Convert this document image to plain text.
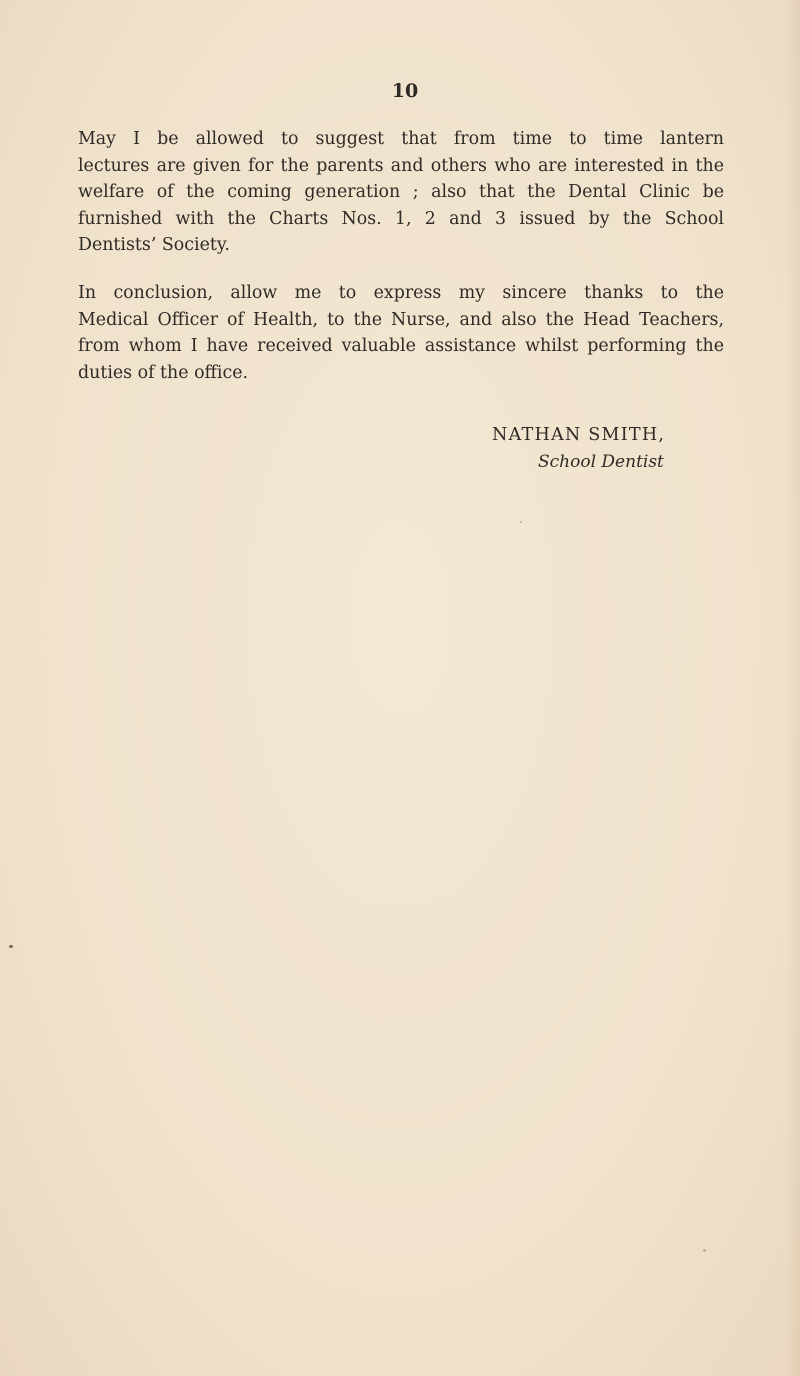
10
May I be allowed to suggest that from time to time lantern
lectures are given for the parents and others who are interested in the
welfare of the coming generation ; also that the Dental Clinic be
furnished with the Charts Nos. 1, 2 and 3 issued by the School
Dentists’ Society.
In conclusion, allow me to express my sincere thanks to the
Medical Officer of Health, to the Nurse, and also the Head Teachers,
from whom I have received valuable assistance whilst performing the
duties of the office.
NATHAN SMITH,
School Dentist
